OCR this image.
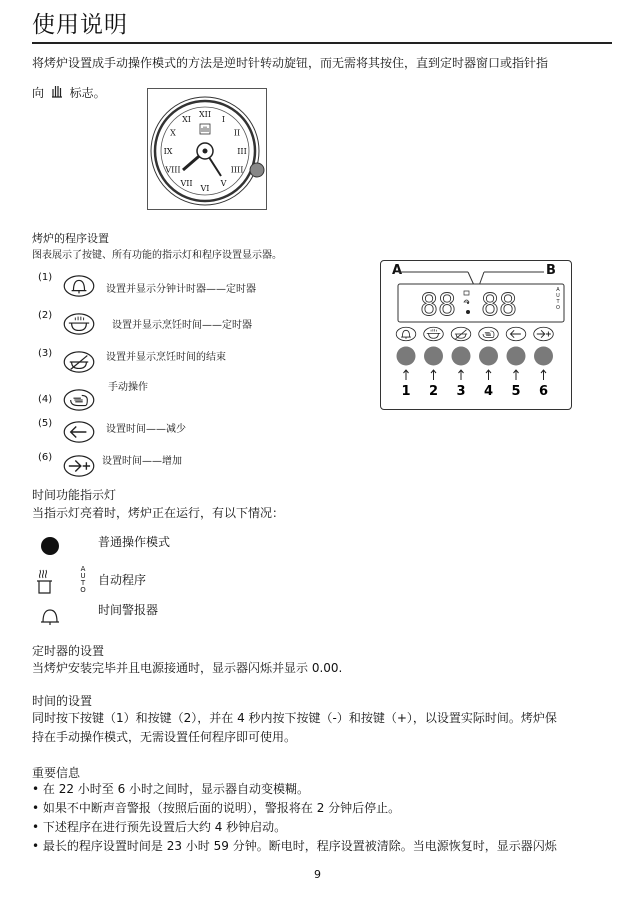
使用说明
将烤炉设置成手动操作模式的方法是逆时针转动旋钮，而无需将其按住，直到定时器窗口或指针指
向 标志。
XII
I
II
III
IIII
V
VI
VII
VIII
IX
X
XI
烤炉的程序设置
图表展示了按键、所有功能的指示灯和程序设置显示器。
(1)
设置并显示分钟计时器——定时器
(2)
设置并显示烹饪时间——定时器
(3)	设置并显示烹饪时间的结束
(4)
手动操作
(5)
设置时间——减少
(6)	设置时间——增加
A	B
88 88	A
U
T
O
1 2 3 4 5 6
时间功能指示灯
当指示灯亮着时，烤炉正在运行，有以下情况：
普通操作模式
A
U
T
O
自动程序
时间警报器
定时器的设置
当烤炉安装完毕并且电源接通时，显示器闪烁并显示 0.00.
时间的设置
同时按下按键（1）和按键（2），并在 4 秒内按下按键（-）和按键（+），以设置实际时间。烤炉保
持在手动操作模式，无需设置任何程序即可使用。
重要信息
• 在 22 小时至 6 小时之间时，显示器自动变模糊。
• 如果不中断声音警报（按照后面的说明），警报将在 2 分钟后停止。
• 下述程序在进行预先设置后大约 4 秒钟启动。
• 最长的程序设置时间是 23 小时 59 分钟。断电时，程序设置被清除。当电源恢复时，显示器闪烁
9
